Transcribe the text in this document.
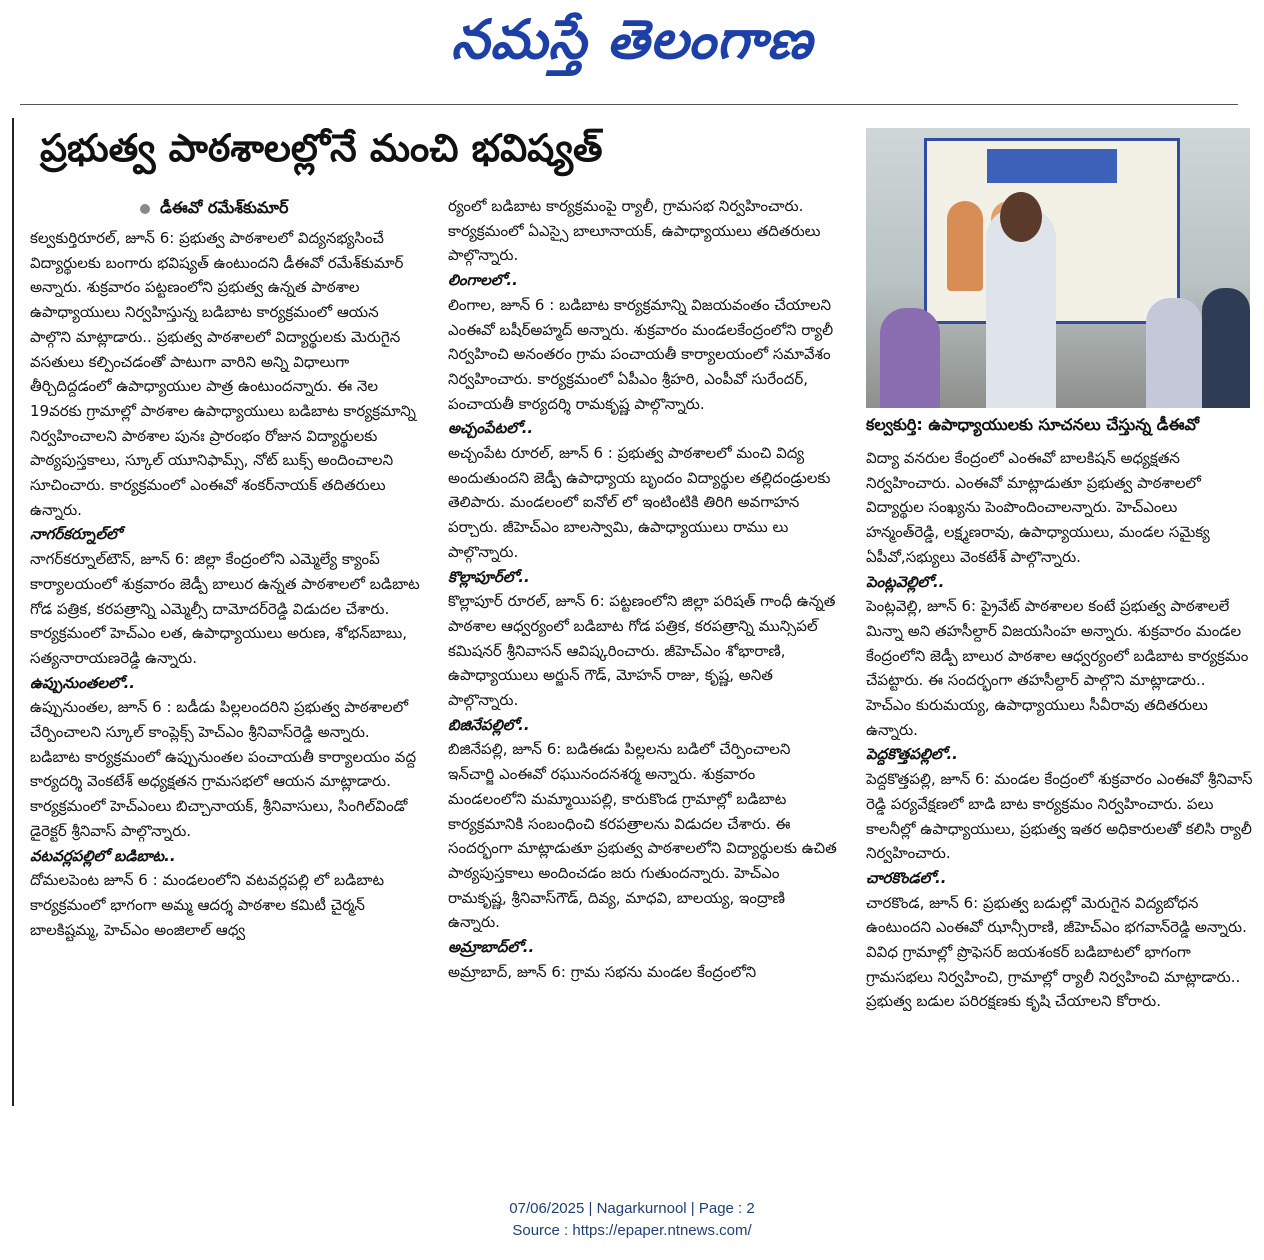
నమస్తే తెలంగాణ
ప్రభుత్వ పాఠశాలల్లోనే మంచి భవిష్యత్
డీఈవో రమేశ్‌కుమార్

కల్వకుర్తిరూరల్, జూన్ 6: ప్రభుత్వ పాఠశాలలో విద్యనభ్యసించే విద్యార్థులకు బంగారు భవిష్యత్ ఉంటుందని డీఈవో రమేశ్‌కుమార్ అన్నారు. శుక్రవారం పట్టణంలోని ప్రభుత్వ ఉన్నత పాఠశాల ఉపాధ్యాయులు నిర్వహిస్తున్న బడిబాట కార్యక్రమంలో ఆయన పాల్గొని మాట్లాడారు.. ప్రభుత్వ పాఠశాలలో విద్యార్థులకు మెరుగైన వసతులు కల్పించడంతో పాటుగా వారిని అన్ని విధాలుగా తీర్చిదిద్దడంలో ఉపాధ్యాయుల పాత్ర ఉంటుందన్నారు. ఈ నెల 19వరకు గ్రామాల్లో పాఠశాల ఉపాధ్యాయులు బడిబాట కార్యక్రమాన్ని నిర్వహించాలని పాఠశాల పునః ప్రారంభం రోజున విద్యార్థులకు పాఠ్యపుస్తకాలు, స్కూల్ యూనిఫామ్స్, నోట్ బుక్స్ అందించాలని సూచించారు. కార్యక్రమంలో ఎంఈవో శంకర్‌నాయక్ తదితరులు ఉన్నారు.

నాగర్‌కర్నూల్‌లో

నాగర్‌కర్నూల్‌టౌన్, జూన్ 6: జిల్లా కేంద్రంలోని ఎమ్మెల్యే క్యాంప్ కార్యాలయంలో శుక్రవారం జెడ్పీ బాలుర ఉన్నత పాఠశాలలో బడిబాట గోడ పత్రిక, కరపత్రాన్ని ఎమ్మెల్సీ దామోదర్‌రెడ్డి విడుదల చేశారు. కార్యక్రమంలో హెచ్‌ఎం లత, ఉపాధ్యాయులు అరుణ, శోభన్‌బాబు, సత్యనారాయణరెడ్డి ఉన్నారు.

ఉప్పునుంతలలో..

ఉప్పునుంతల, జూన్ 6 : బడీడు పిల్లలందరిని ప్రభుత్వ పాఠశాలలో చేర్పించాలని స్కూల్ కాంప్లెక్స్ హెచ్‌ఎం శ్రీనివాస్‌రెడ్డి అన్నారు. బడిబాట కార్యక్రమంలో ఉప్పునుంతల పంచాయతీ కార్యాలయం వద్ద కార్యదర్శి వెంకటేశ్ అధ్యక్షతన గ్రామసభలో ఆయన మాట్లాడారు. కార్యక్రమంలో హెచ్‌ఎంలు బిచ్చానాయక్, శ్రీనివాసులు, సింగిల్‌విండో డైరెక్టర్ శ్రీనివాస్ పాల్గొన్నారు.

వటవర్లపల్లిలో బడిబాట..

దోమలపెంట జూన్ 6 : మండలంలోని వటవర్లపల్లి లో బడిబాట కార్యక్రమంలో భాగంగా అమ్మ ఆదర్శ పాఠశాల కమిటీ చైర్మన్ బాలకిష్టమ్మ, హెచ్‌ఎం అంజిలాల్ ఆధ్వ

ర్యంలో బడిబాట కార్యక్రమంపై ర్యాలీ, గ్రామసభ నిర్వహించారు. కార్యక్రమంలో ఏఎస్సై బాలూనాయక్, ఉపాధ్యాయులు తదితరులు పాల్గొన్నారు.

లింగాలలో..

లింగాల, జూన్ 6 : బడిబాట కార్యక్రమాన్ని విజయవంతం చేయాలని ఎంఈవో బషీర్‌అహ్మద్ అన్నారు. శుక్రవారం మండలకేంద్రంలోని ర్యాలీ నిర్వహించి అనంతరం గ్రామ పంచాయతీ కార్యాలయంలో సమావేశం నిర్వహించారు. కార్యక్రమంలో ఏపీఎం శ్రీహరి, ఎంపీవో సురేందర్, పంచాయతీ కార్యదర్శి రామకృష్ణ పాల్గొన్నారు.

అచ్చంపేటలో..

అచ్చంపేట రూరల్, జూన్ 6 : ప్రభుత్వ పాఠశాలలో మంచి విద్య అందుతుందని జెడ్పీ ఉపాధ్యాయ బృందం విద్యార్థుల తల్లిదండ్రులకు తెలిపారు. మండలంలో ఐనోల్ లో ఇంటింటికి తిరిగి అవగాహన పర్చారు. జీహెచ్‌ఎం బాలస్వామి, ఉపాధ్యాయులు రాము లు పాల్గొన్నారు.

కొల్లాపూర్‌లో..

కొల్లాపూర్ రూరల్, జూన్ 6: పట్టణంలోని జిల్లా పరిషత్ గాంధీ ఉన్నత పాఠశాల ఆధ్వర్యంలో బడిబాట గోడ పత్రిక, కరపత్రాన్ని మున్సిపల్ కమిషనర్ శ్రీనివాసన్ ఆవిష్కరించారు. జీహెచ్‌ఎం శోభారాణి, ఉపాధ్యాయులు అర్జున్ గౌడ్, మోహన్ రాజు, కృష్ణ, అనిత పాల్గొన్నారు.

బిజినేపల్లిలో..

బిజినేపల్లి, జూన్ 6: బడిఈడు పిల్లలను బడిలో చేర్పించాలని ఇన్‌చార్జి ఎంఈవో రఘునందనశర్మ అన్నారు. శుక్రవారం మండలంలోని మమ్మాయిపల్లి, కారుకొండ గ్రామాల్లో బడిబాట కార్యక్రమానికి సంబంధించి కరపత్రాలను విడుదల చేశారు. ఈ సందర్భంగా మాట్లాడుతూ ప్రభుత్వ పాఠశాలలోని విద్యార్థులకు ఉచిత పాఠ్యపుస్తకాలు అందించడం జరు గుతుందన్నారు. హెచ్‌ఎం రామకృష్ణ, శ్రీనివాస్‌గౌడ్, దివ్య, మాధవి, బాలయ్య, ఇంద్రాణి ఉన్నారు.

అమ్రాబాద్‌లో..

అమ్రాబాద్, జూన్ 6: గ్రామ సభను మండల కేంద్రంలోని

కల్వకుర్తి: ఉపాధ్యాయులకు సూచనలు చేస్తున్న డీఈవో

విద్యా వనరుల కేంద్రంలో ఎంఈవో బాలకిషన్ అధ్యక్షతన నిర్వహించారు. ఎంఈవో మాట్లాడుతూ ప్రభుత్వ పాఠశాలలో విద్యార్థుల సంఖ్యను పెంపొందించాలన్నారు. హెచ్‌ఎంలు హన్మంత్‌రెడ్డి, లక్ష్మణరావు, ఉపాధ్యాయులు, మండల సమైక్య ఏపీవో,సభ్యులు వెంకటేశ్ పాల్గొన్నారు.

పెంట్లవెల్లిలో..

పెంట్లవెల్లి, జూన్ 6: ప్రైవేట్ పాఠశాలల కంటే ప్రభుత్వ పాఠశాలలే మిన్నా అని తహసీల్దార్ విజయసింహ అన్నారు. శుక్రవారం మండల కేంద్రంలోని జెడ్పీ బాలుర పాఠశాల ఆధ్వర్యంలో బడిబాట కార్యక్రమం చేపట్టారు. ఈ సందర్భంగా తహసీల్దార్ పాల్గొని మాట్లాడారు.. హెచ్‌ఎం కురుమయ్య, ఉపాధ్యాయులు సీవీరావు తదితరులు ఉన్నారు.

పెద్దకొత్తపల్లిలో..

పెద్దకొత్తపల్లి, జూన్ 6: మండల కేంద్రంలో శుక్రవారం ఎంఈవో శ్రీనివాస్ రెడ్డి పర్యవేక్షణలో బాడి బాట కార్యక్రమం నిర్వహించారు. పలు కాలనీల్లో ఉపాధ్యాయులు, ప్రభుత్వ ఇతర అధికారులతో కలిసి ర్యాలీ నిర్వహించారు.

చారకొండలో..

చారకొండ, జూన్ 6: ప్రభుత్వ బడుల్లో మెరుగైన విద్యబోధన ఉంటుందని ఎంఈవో ఝాన్సీరాణి, జీహెచ్‌ఎం భగవాన్‌రెడ్డి అన్నారు. వివిధ గ్రామాల్లో ప్రొఫెసర్ జయశంకర్ బడిబాటలో భాగంగా గ్రామసభలు నిర్వహించి, గ్రామాల్లో ర్యాలీ నిర్వహించి మాట్లాడారు.. ప్రభుత్వ బడుల పరిరక్షణకు కృషి చేయాలని కోరారు.

07/06/2025 | Nagarkurnool | Page : 2
Source : https://epaper.ntnews.com/
